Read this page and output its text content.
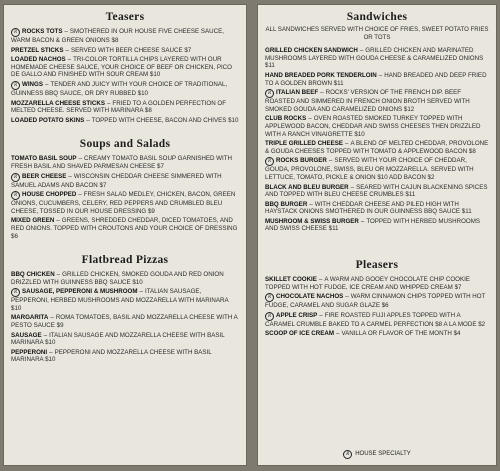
Teasers
R ROCKS TOTS – SMOTHERED IN OUR HOUSE FIVE CHEESE SAUCE, WARM BACON & GREEN ONIONS $8
PRETZEL STICKS – SERVED WITH BEER CHEESE SAUCE $7
LOADED NACHOS – TRI-COLOR TORTILLA CHIPS LAYERED WITH OUR HOMEMADE CHEESE SAUCE, YOUR CHOICE OF BEEF OR CHICKEN, PICO DE GALLO AND FINISHED WITH SOUR CREAM $10
R WINGS – TENDER AND JUICY WITH YOUR CHOICE OF TRADITIONAL, GUINNESS BBQ SAUCE, OR DRY RUBBED $10
MOZZARELLA CHEESE STICKS – FRIED TO A GOLDEN PERFECTION OF MELTED CHEESE. SERVED WITH MARINARA $8
LOADED POTATO SKINS – TOPPED WITH CHEESE, BACON AND CHIVES $10
Soups and Salads
TOMATO BASIL SOUP – CREAMY TOMATO BASIL SOUP GARNISHED WITH FRESH BASIL AND SHAVED PARMESAN CHEESE $7
R BEER CHEESE – WISCONSIN CHEDDAR CHEESE SIMMERED WITH SAMUEL ADAMS AND BACON $7
R HOUSE CHOPPED – FRESH SALAD MEDLEY, CHICKEN, BACON, GREEN ONIONS, CUCUMBERS, CELERY, RED PEPPERS AND CRUMBLED BLEU CHEESE, TOSSED IN OUR HOUSE DRESSING $9
MIXED GREEN – GREENS, SHREDDED CHEDDAR, DICED TOMATOES, AND RED ONIONS. TOPPED WITH CROUTONS AND YOUR CHOICE OF DRESSING $6
Flatbread Pizzas
BBQ CHICKEN – GRILLED CHICKEN, SMOKED GOUDA AND RED ONION DRIZZLED WITH GUINNESS BBQ SAUCE $10
R SAUSAGE, PEPPERONI & MUSHROOM – ITALIAN SAUSAGE, PEPPERONI, HERBED MUSHROOMS AND MOZZARELLA WITH MARINARA $10
MARGARITA – ROMA TOMATOES, BASIL AND MOZZARELLA CHEESE WITH A PESTO SAUCE $9
SAUSAGE – ITALIAN SAUSAGE AND MOZZARELLA CHEESE WITH BASIL MARINARA $10
PEPPERONI – PEPPERONI AND MOZZARELLA CHEESE WITH BASIL MARINARA $10
Sandwiches
ALL SANDWICHES SERVED WITH CHOICE OF FRIES, SWEET POTATO FRIES OR TOTS
GRILLED CHICKEN SANDWICH – GRILLED CHICKEN AND MARINATED MUSHROOMS LAYERED WITH GOUDA CHEESE & CARAMELIZED ONIONS $11
HAND BREADED PORK TENDERLOIN – HAND BREADED AND DEEP FRIED TO A GOLDEN BROWN $11
R ITALIAN BEEF – ROCKS' VERSION OF THE FRENCH DIP. BEEF ROASTED AND SIMMERED IN FRENCH ONION BROTH SERVED WITH SMOKED GOUDA AND CARAMELIZED ONIONS $12
CLUB ROCKS – OVEN ROASTED SMOKED TURKEY TOPPED WITH APPLEWOOD BACON, CHEDDAR AND SWISS CHEESES THEN DRIZZLED WITH A RANCH VINAIGRETTE $10
TRIPLE GRILLED CHEESE – A BLEND OF MELTED CHEDDAR, PROVOLONE & GOUDA CHEESES TOPPED WITH TOMATO & APPLEWOOD BACON $8
R ROCKS BURGER – SERVED WITH YOUR CHOICE OF CHEDDAR, GOUDA, PROVOLONE, SWISS, BLEU OR MOZZARELLA. SERVED WITH LETTUCE, TOMATO, PICKLE & ONION $10 ADD BACON $2
BLACK AND BLEU BURGER – SEARED WITH CAJUN BLACKENING SPICES AND TOPPED WITH BLEU CHEESE CRUMBLES $11
BBQ BURGER – WITH CHEDDAR CHEESE AND PILED HIGH WITH HAYSTACK ONIONS SMOTHERED IN OUR GUINNESS BBQ SAUCE $11
MUSHROOM & SWISS BURGER – TOPPED WITH HERBED MUSHROOMS AND SWISS CHEESE $11
Pleasers
SKILLET COOKIE – A WARM AND GOOEY CHOCOLATE CHIP COOKIE TOPPED WITH HOT FUDGE, ICE CREAM AND WHIPPED CREAM $7
R CHOCOLATE NACHOS – WARM CINNAMON CHIPS TOPPED WITH HOT FUDGE, CARAMEL AND SUGAR GLAZE $6
R APPLE CRISP – FIRE ROASTED FUJI APPLES TOPPED WITH A CARAMEL CRUMBLE BAKED TO A CARMEL PERFECTION $8 A LA MODE $2
SCOOP OF ICE CREAM – VANILLA OR FLAVOR OF THE MONTH $4
R HOUSE SPECIALTY
